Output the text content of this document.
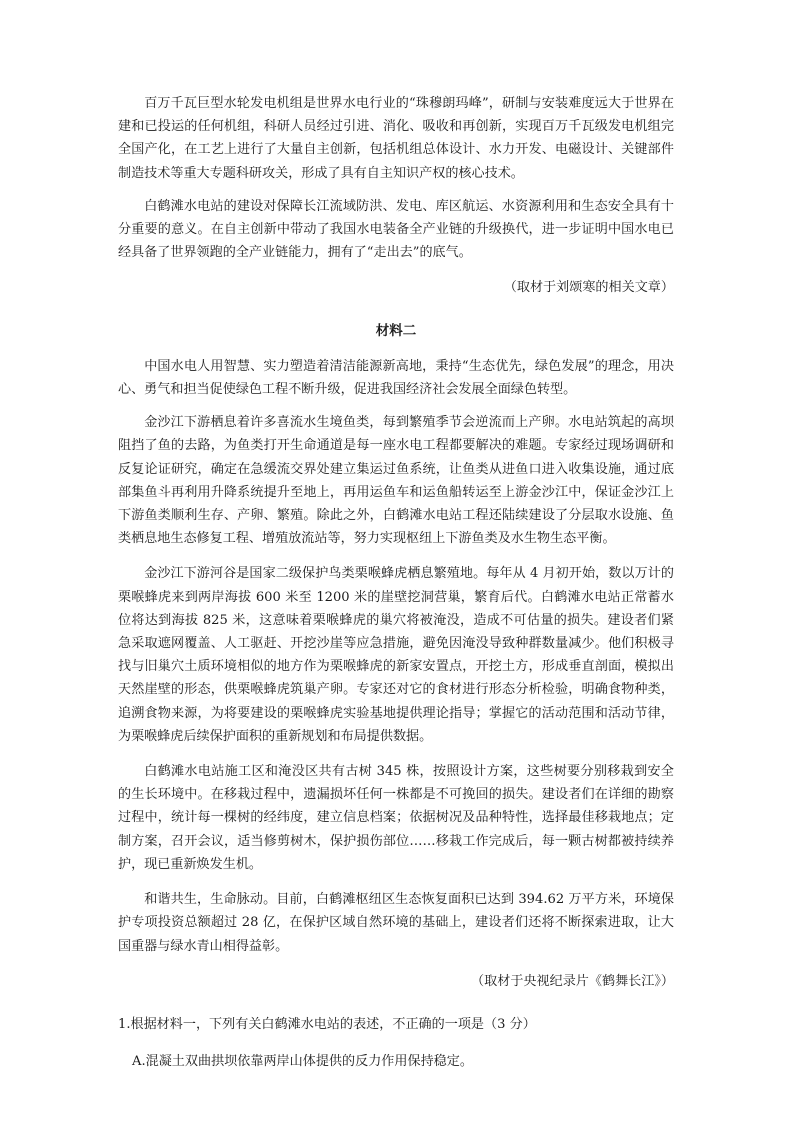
百万千瓦巨型水轮发电机组是世界水电行业的“珠穆朗玛峰”，研制与安装难度远大于世界在建和已投运的任何机组，科研人员经过引进、消化、吸收和再创新，实现百万千瓦级发电机组完全国产化，在工艺上进行了大量自主创新，包括机组总体设计、水力开发、电磁设计、关键部件制造技术等重大专题科研攻关，形成了具有自主知识产权的核心技术。

白鹤滩水电站的建设对保障长江流域防洪、发电、库区航运、水资源利用和生态安全具有十分重要的意义。在自主创新中带动了我国水电装备全产业链的升级换代，进一步证明中国水电已经具备了世界领跑的全产业链能力，拥有了“走出去”的底气。

（取材于刘颂寒的相关文章）

材料二

中国水电人用智慧、实力塑造着清洁能源新高地，秉持“生态优先，绿色发展”的理念，用决心、勇气和担当促使绿色工程不断升级，促进我国经济社会发展全面绿色转型。

金沙江下游栖息着许多喜流水生境鱼类，每到繁殖季节会逆流而上产卵。水电站筑起的高坝阻挡了鱼的去路，为鱼类打开生命通道是每一座水电工程都要解决的难题。专家经过现场调研和反复论证研究，确定在急缓流交界处建立集运过鱼系统，让鱼类从进鱼口进入收集设施，通过底部集鱼斗再利用升降系统提升至地上，再用运鱼车和运鱼船转运至上游金沙江中，保证金沙江上下游鱼类顺利生存、产卵、繁殖。除此之外，白鹤滩水电站工程还陆续建设了分层取水设施、鱼类栖息地生态修复工程、增殖放流站等，努力实现枢纽上下游鱼类及水生物生态平衡。

金沙江下游河谷是国家二级保护鸟类栗喉蜂虎栖息繁殖地。每年从 4 月初开始，数以万计的栗喉蜂虎来到两岸海拔 600 米至 1200 米的崖壁挖洞营巢，繁育后代。白鹤滩水电站正常蓄水位将达到海拔 825 米，这意味着栗喉蜂虎的巢穴将被淹没，造成不可估量的损失。建设者们紧急采取遮网覆盖、人工驱赶、开挖沙崖等应急措施，避免因淹没导致种群数量减少。他们积极寻找与旧巢穴土质环境相似的地方作为栗喉蜂虎的新家安置点，开挖土方，形成垂直剖面，模拟出天然崖壁的形态，供栗喉蜂虎筑巢产卵。专家还对它的食材进行形态分析检验，明确食物种类，追溯食物来源，为将要建设的栗喉蜂虎实验基地提供理论指导；掌握它的活动范围和活动节律，为栗喉蜂虎后续保护面积的重新规划和布局提供数据。

白鹤滩水电站施工区和淹没区共有古树 345 株，按照设计方案，这些树要分别移栽到安全的生长环境中。在移栽过程中，遗漏损坏任何一株都是不可挽回的损失。建设者们在详细的勘察过程中，统计每一棵树的经纬度，建立信息档案；依据树况及品种特性，选择最佳移栽地点；定制方案，召开会议，适当修剪树木，保护损伤部位……移栽工作完成后，每一颗古树都被持续养护，现已重新焕发生机。

和谐共生，生命脉动。目前，白鹤滩枢纽区生态恢复面积已达到 394.62 万平方米，环境保护专项投资总额超过 28 亿，在保护区域自然环境的基础上，建设者们还将不断探索进取，让大国重器与绿水青山相得益彰。

（取材于央视纪录片《鹤舞长江》）

1.根据材料一，下列有关白鹤滩水电站的表述，不正确的一项是（3 分）

A.混凝土双曲拱坝依靠两岸山体提供的反力作用保持稳定。
